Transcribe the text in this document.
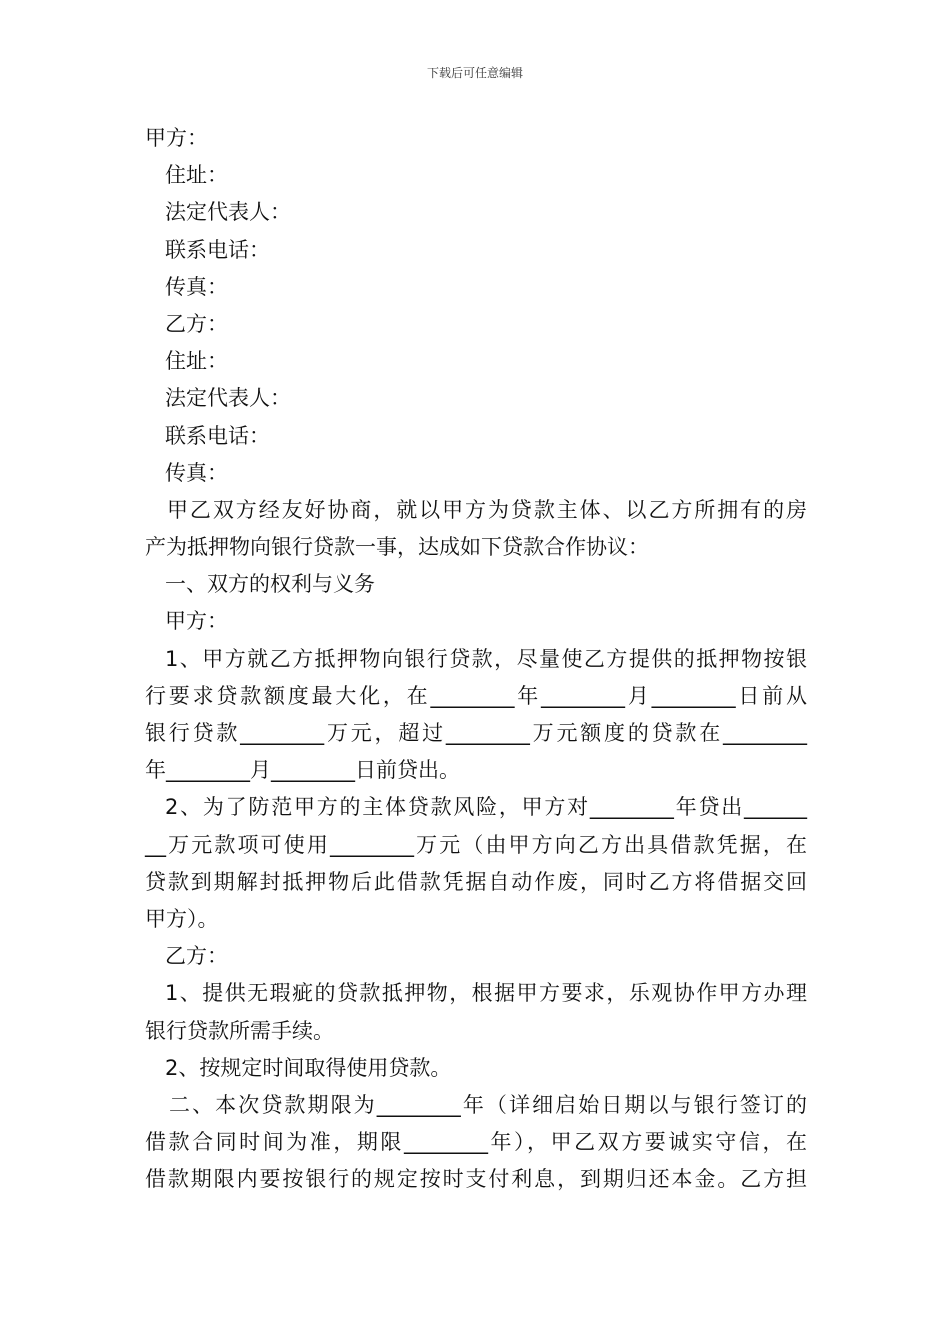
下载后可任意编辑
甲方：
住址：
法定代表人：
联系电话：
传真：
乙方：
住址：
法定代表人：
联系电话：
传真：
甲乙双方经友好协商，就以甲方为贷款主体、以乙方所拥有的房
产为抵押物向银行贷款一事，达成如下贷款合作协议：
一、双方的权利与义务
甲方：
1、甲方就乙方抵押物向银行贷款，尽量使乙方提供的抵押物按银
行要求贷款额度最大化，在________年________月________日前从
银行贷款________万元，超过________万元额度的贷款在________
年________月________日前贷出。
2、为了防范甲方的主体贷款风险，甲方对________年贷出______
__万元款项可使用________万元（由甲方向乙方出具借款凭据，在
贷款到期解封抵押物后此借款凭据自动作废，同时乙方将借据交回
甲方）。
乙方：
1、提供无瑕疵的贷款抵押物，根据甲方要求，乐观协作甲方办理
银行贷款所需手续。
2、按规定时间取得使用贷款。
二、本次贷款期限为________年（详细启始日期以与银行签订的
借款合同时间为准，期限________年），甲乙双方要诚实守信，在
借款期限内要按银行的规定按时支付利息，到期归还本金。乙方担
